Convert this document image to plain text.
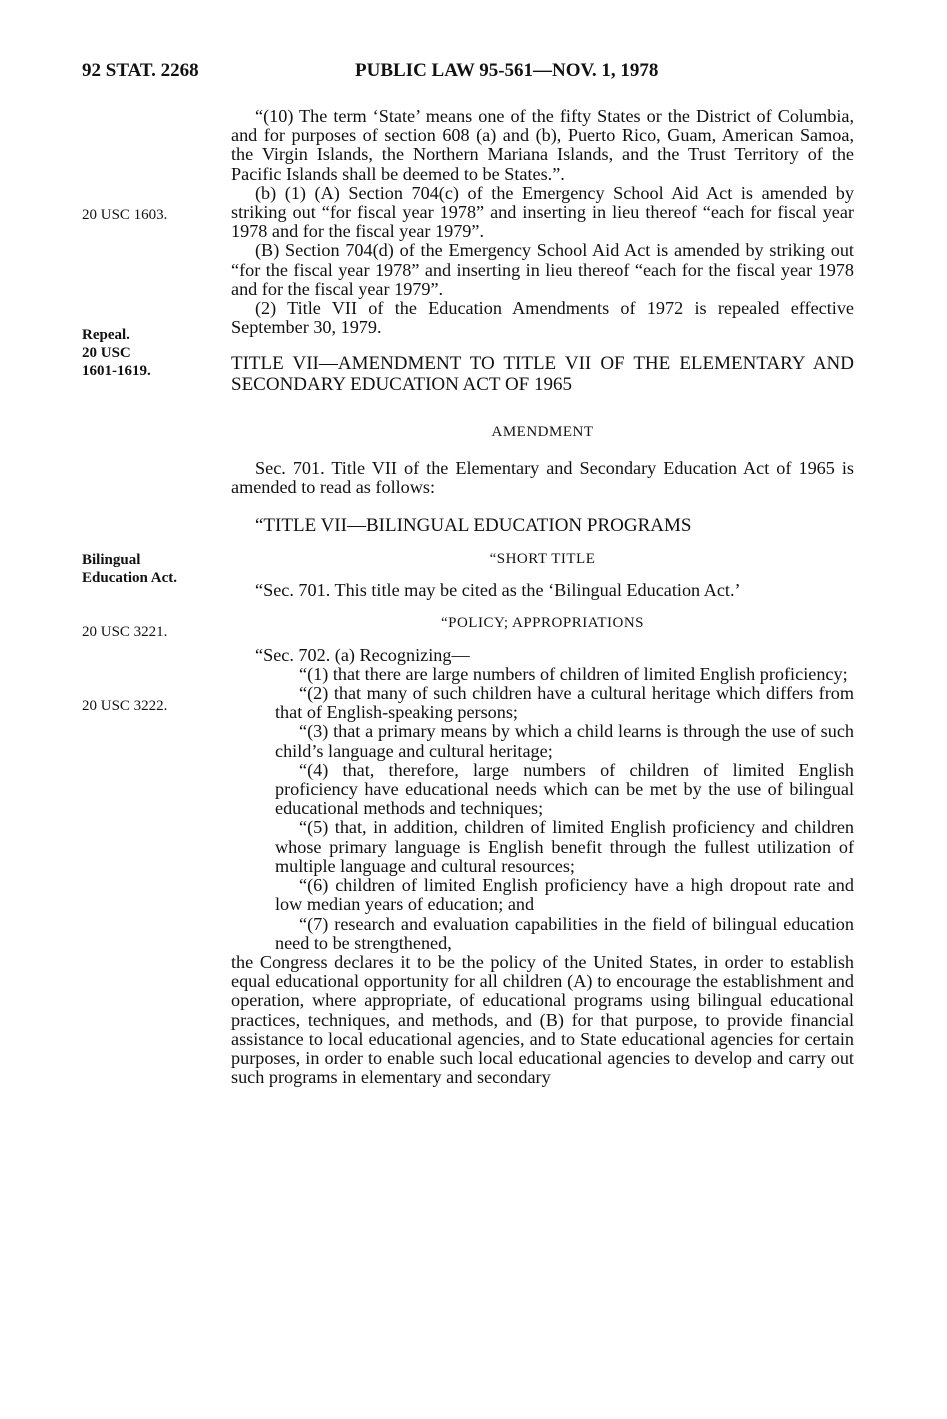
92 STAT. 2268	PUBLIC LAW 95-561—NOV. 1, 1978
20 USC 1603.
Repeal.
20 USC
1601-1619.
Bilingual
Education Act.
20 USC 3221.
20 USC 3222.

“(10) The term ‘State’ means one of the fifty States or the District of Columbia, and for purposes of section 608 (a) and (b), Puerto Rico, Guam, American Samoa, the Virgin Islands, the Northern Mariana Islands, and the Trust Territory of the Pacific Islands shall be deemed to be States.”.

(b) (1) (A) Section 704(c) of the Emergency School Aid Act is amended by striking out “for fiscal year 1978” and inserting in lieu thereof “each for fiscal year 1978 and for the fiscal year 1979”.

(B) Section 704(d) of the Emergency School Aid Act is amended by striking out “for the fiscal year 1978” and inserting in lieu thereof “each for the fiscal year 1978 and for the fiscal year 1979”.

(2) Title VII of the Education Amendments of 1972 is repealed effective September 30, 1979.

TITLE VII—AMENDMENT TO TITLE VII OF THE ELEMENTARY AND SECONDARY EDUCATION ACT OF 1965

AMENDMENT

Sec. 701. Title VII of the Elementary and Secondary Education Act of 1965 is amended to read as follows:

“TITLE VII—BILINGUAL EDUCATION PROGRAMS

“SHORT TITLE

“Sec. 701. This title may be cited as the ‘Bilingual Education Act.’

“POLICY; APPROPRIATIONS

“Sec. 702. (a) Recognizing—

“(1) that there are large numbers of children of limited English proficiency;

“(2) that many of such children have a cultural heritage which differs from that of English-speaking persons;

“(3) that a primary means by which a child learns is through the use of such child’s language and cultural heritage;

“(4) that, therefore, large numbers of children of limited English proficiency have educational needs which can be met by the use of bilingual educational methods and techniques;

“(5) that, in addition, children of limited English proficiency and children whose primary language is English benefit through the fullest utilization of multiple language and cultural resources;

“(6) children of limited English proficiency have a high dropout rate and low median years of education; and

“(7) research and evaluation capabilities in the field of bilingual education need to be strengthened,

the Congress declares it to be the policy of the United States, in order to establish equal educational opportunity for all children (A) to encourage the establishment and operation, where appropriate, of educational programs using bilingual educational practices, techniques, and methods, and (B) for that purpose, to provide financial assistance to local educational agencies, and to State educational agencies for certain purposes, in order to enable such local educational agencies to develop and carry out such programs in elementary and secondary
